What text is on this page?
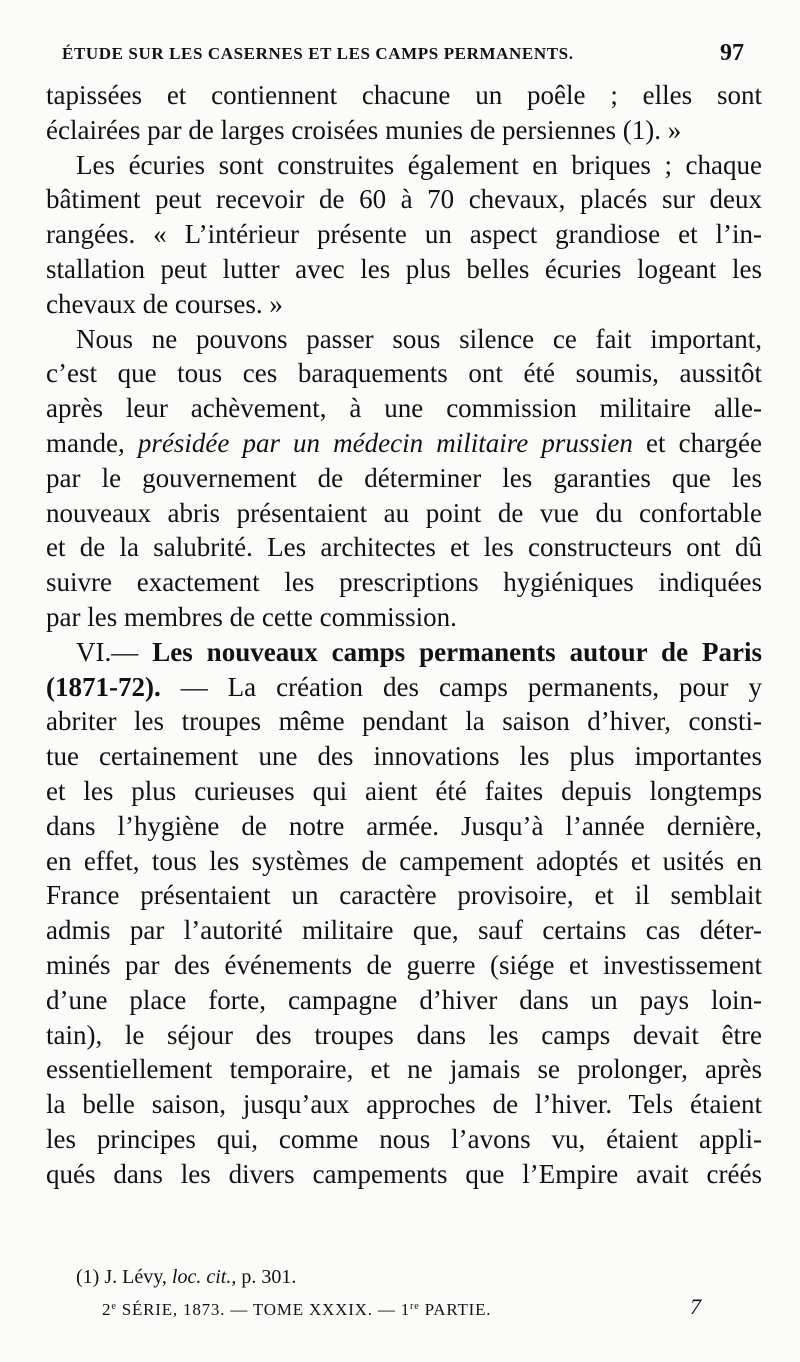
ÉTUDE SUR LES CASERNES ET LES CAMPS PERMANENTS.	97
tapissées et contiennent chacune un poêle ; elles sont
éclairées par de larges croisées munies de persiennes (1). »
Les écuries sont construites également en briques ; chaque
bâtiment peut recevoir de 60 à 70 chevaux, placés sur deux
rangées. « L’intérieur présente un aspect grandiose et l’in-
stallation peut lutter avec les plus belles écuries logeant les
chevaux de courses. »
Nous ne pouvons passer sous silence ce fait important,
c’est que tous ces baraquements ont été soumis, aussitôt
après leur achèvement, à une commission militaire alle-
mande, présidée par un médecin militaire prussien et chargée
par le gouvernement de déterminer les garanties que les
nouveaux abris présentaient au point de vue du confortable
et de la salubrité. Les architectes et les constructeurs ont dû
suivre exactement les prescriptions hygiéniques indiquées
par les membres de cette commission.
VI.— Les nouveaux camps permanents autour de Paris
(1871-72). — La création des camps permanents, pour y
abriter les troupes même pendant la saison d’hiver, consti-
tue certainement une des innovations les plus importantes
et les plus curieuses qui aient été faites depuis longtemps
dans l’hygiène de notre armée. Jusqu’à l’année dernière,
en effet, tous les systèmes de campement adoptés et usités en
France présentaient un caractère provisoire, et il semblait
admis par l’autorité militaire que, sauf certains cas déter-
minés par des événements de guerre (siége et investissement
d’une place forte, campagne d’hiver dans un pays loin-
tain), le séjour des troupes dans les camps devait être
essentiellement temporaire, et ne jamais se prolonger, après
la belle saison, jusqu’aux approches de l’hiver. Tels étaient
les principes qui, comme nous l’avons vu, étaient appli-
qués dans les divers campements que l’Empire avait créés
(1) J. Lévy, loc. cit., p. 301.
2e SÉRIE, 1873. — TOME XXXIX. — 1re PARTIE.	7
